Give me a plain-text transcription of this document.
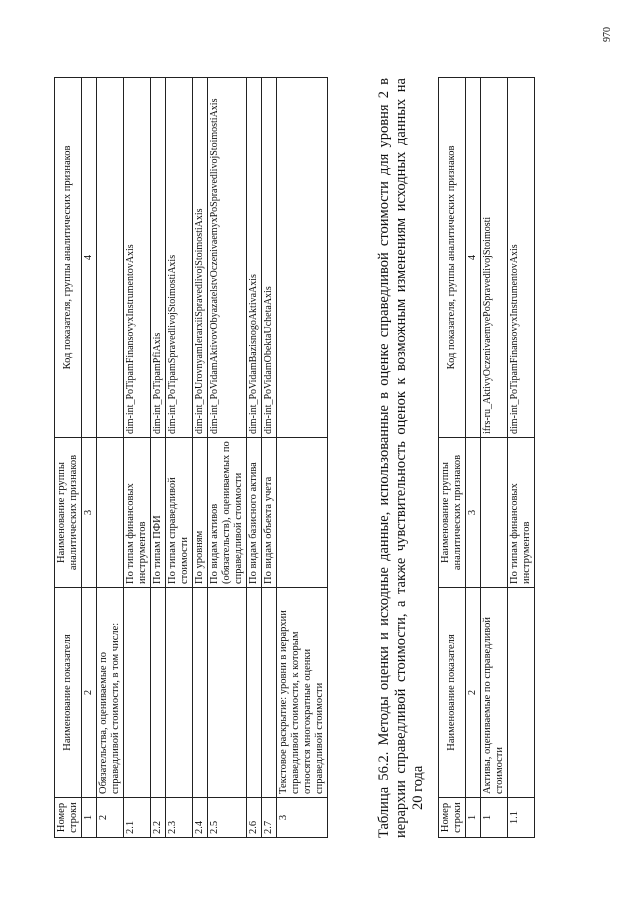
Номер строки	Наименование показателя	Наименование группы аналитических признаков	Код показателя, группы аналитических признаков
1	2	3	4
2	Обязательства, оцениваемые по справедливой стоимости, в том числе:		
2.1		По типам финансовых инструментов	dim-int_PoTipamFinansovyxInstrumentovAxis
2.2		По типам ПФИ	dim-int_PoTipamPfiAxis
2.3		По типам справедливой стоимости	dim-int_PoTipamSpravedlivojStoimostiAxis
2.4		По уровням	dim-int_PoUrovnyamIerarxiiSpravedlivojStoimostiAxis
2.5		По видам активов (обязательств), оцениваемых по справедливой стоимости	dim-int_PoVidamAktivovObyazatelstvOczenivaemyxPoSpravedlivojStoimostiAxis
2.6		По видам базисного актива	dim-int_PoVidamBazisnogoAktivaAxis
2.7		По видам объекта учета	dim-int_PoVidamObektaUchetaAxis
3	Текстовое раскрытие: уровни в иерархии справедливой стоимости, к которым относятся многократные оценки справедливой стоимости			Таблица 56.2. Методы оценки и исходные данные, использованные в оценке справедливой стоимости для уровня 2 в иерархии справедливой стоимости, а также чувствительность оценок к возможным изменениям исходных данных на 20 года
Номер строки	Наименование показателя	Наименование группы аналитических признаков	Код показателя, группы аналитических признаков
1	2	3	4
1	Активы, оцениваемые по справедливой стоимости		ifrs-ru_AktivyOczenivaemyePoSpravedlivojStoimosti
1.1		По типам финансовых инструментов	dim-int_PoTipamFinansovyxInstrumentovAxis
970
